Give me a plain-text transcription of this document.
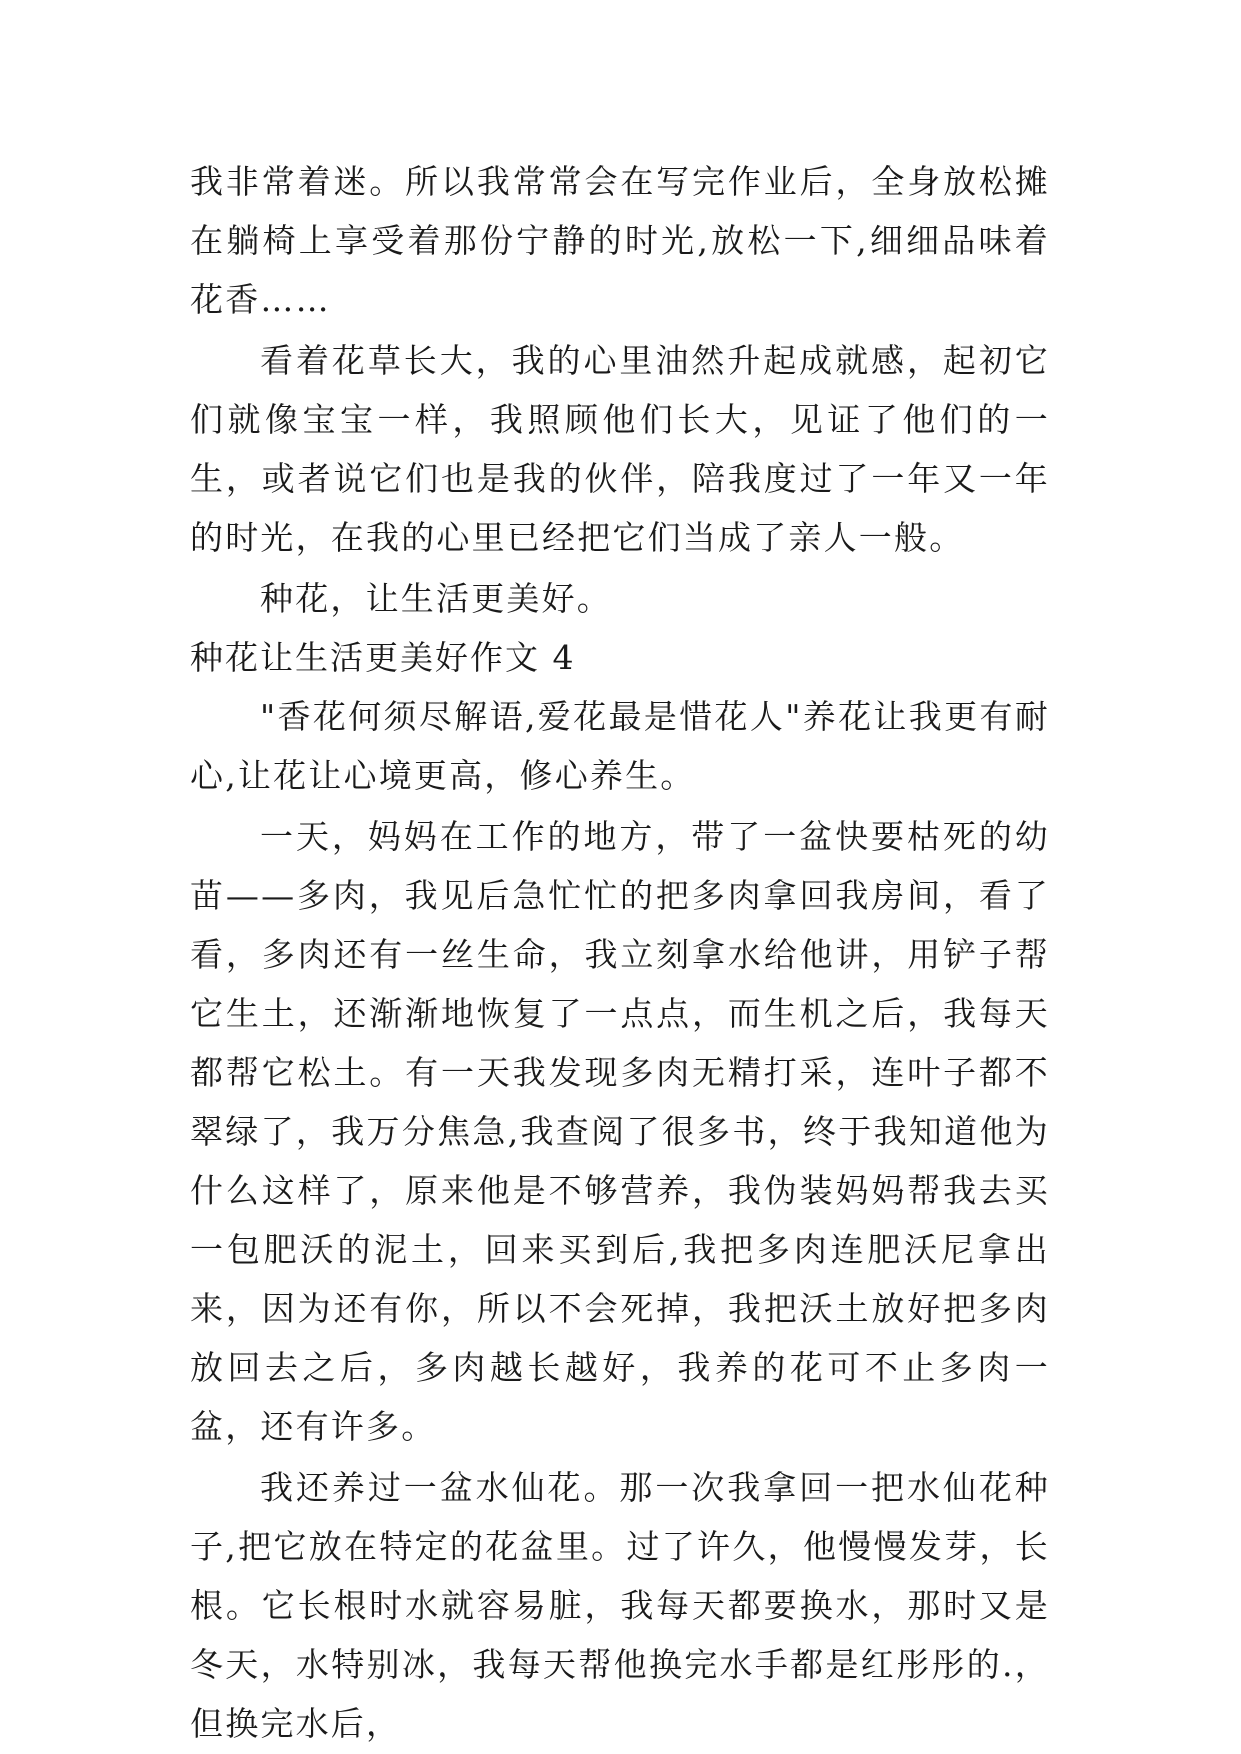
我非常着迷。所以我常常会在写完作业后，全身放松摊在躺椅上享受着那份宁静的时光,放松一下,细细品味着花香……

看着花草长大，我的心里油然升起成就感，起初它们就像宝宝一样，我照顾他们长大，见证了他们的一生，或者说它们也是我的伙伴，陪我度过了一年又一年的时光，在我的心里已经把它们当成了亲人一般。

种花，让生活更美好。

种花让生活更美好作文 4

"香花何须尽解语,爱花最是惜花人"养花让我更有耐心,让花让心境更高，修心养生。

一天，妈妈在工作的地方，带了一盆快要枯死的幼苗——多肉，我见后急忙忙的把多肉拿回我房间，看了看，多肉还有一丝生命，我立刻拿水给他讲，用铲子帮它生土，还渐渐地恢复了一点点，而生机之后，我每天都帮它松土。有一天我发现多肉无精打采，连叶子都不翠绿了，我万分焦急,我查阅了很多书，终于我知道他为什么这样了，原来他是不够营养，我伪装妈妈帮我去买一包肥沃的泥土，回来买到后,我把多肉连肥沃尼拿出来，因为还有你，所以不会死掉，我把沃土放好把多肉放回去之后，多肉越长越好，我养的花可不止多肉一盆，还有许多。

我还养过一盆水仙花。那一次我拿回一把水仙花种子,把它放在特定的花盆里。过了许久，他慢慢发芽，长根。它长根时水就容易脏，我每天都要换水，那时又是冬天，水特别冰，我每天帮他换完水手都是红彤彤的.，但换完水后，
